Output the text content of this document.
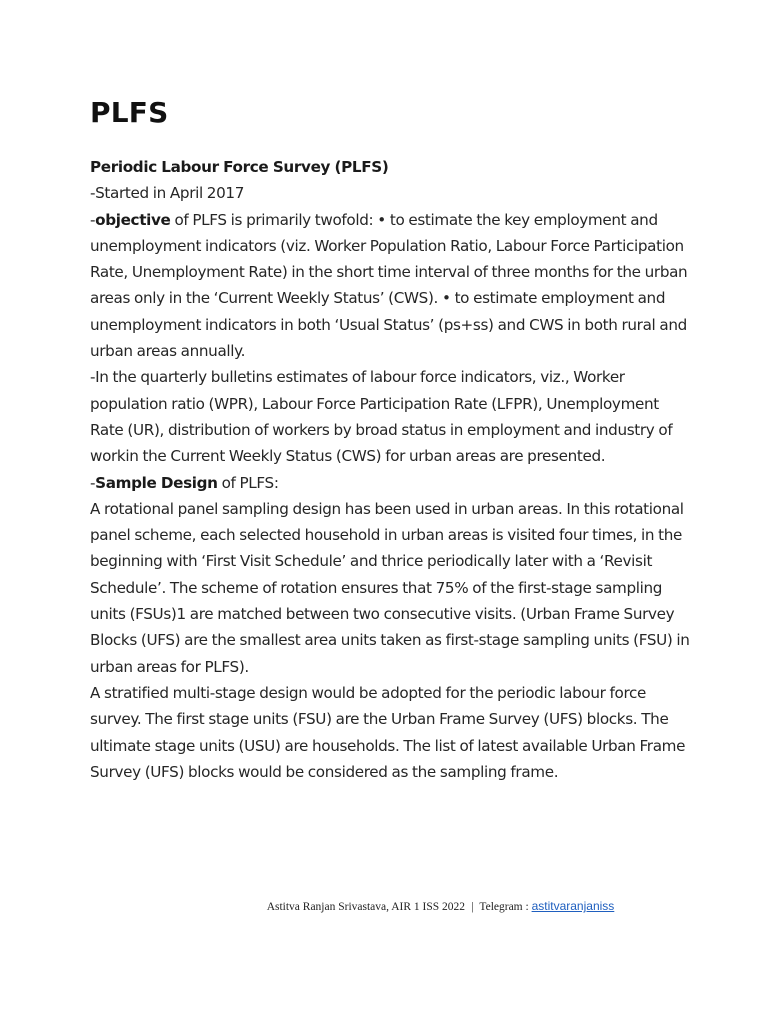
PLFS

Periodic Labour Force Survey (PLFS)

-Started in April 2017

-objective of PLFS is primarily twofold: • to estimate the key employment and unemployment indicators (viz. Worker Population Ratio, Labour Force Participation Rate, Unemployment Rate) in the short time interval of three months for the urban areas only in the ‘Current Weekly Status’ (CWS). • to estimate employment and unemployment indicators in both ‘Usual Status’ (ps+ss) and CWS in both rural and urban areas annually.

-In the quarterly bulletins estimates of labour force indicators, viz., Worker population ratio (WPR), Labour Force Participation Rate (LFPR), Unemployment Rate (UR), distribution of workers by broad status in employment and industry of workin the Current Weekly Status (CWS) for urban areas are presented.

-Sample Design of PLFS:

A rotational panel sampling design has been used in urban areas. In this rotational panel scheme, each selected household in urban areas is visited four times, in the beginning with ‘First Visit Schedule’ and thrice periodically later with a ‘Revisit Schedule’. The scheme of rotation ensures that 75% of the first-stage sampling units (FSUs)1 are matched between two consecutive visits. (Urban Frame Survey Blocks (UFS) are the smallest area units taken as first-stage sampling units (FSU) in urban areas for PLFS).

A stratified multi-stage design would be adopted for the periodic labour force survey. The first stage units (FSU) are the Urban Frame Survey (UFS) blocks. The ultimate stage units (USU) are households. The list of latest available Urban Frame Survey (UFS) blocks would be considered as the sampling frame.

Astitva Ranjan Srivastava, AIR 1 ISS 2022 | Telegram : astitvaranjaniss
